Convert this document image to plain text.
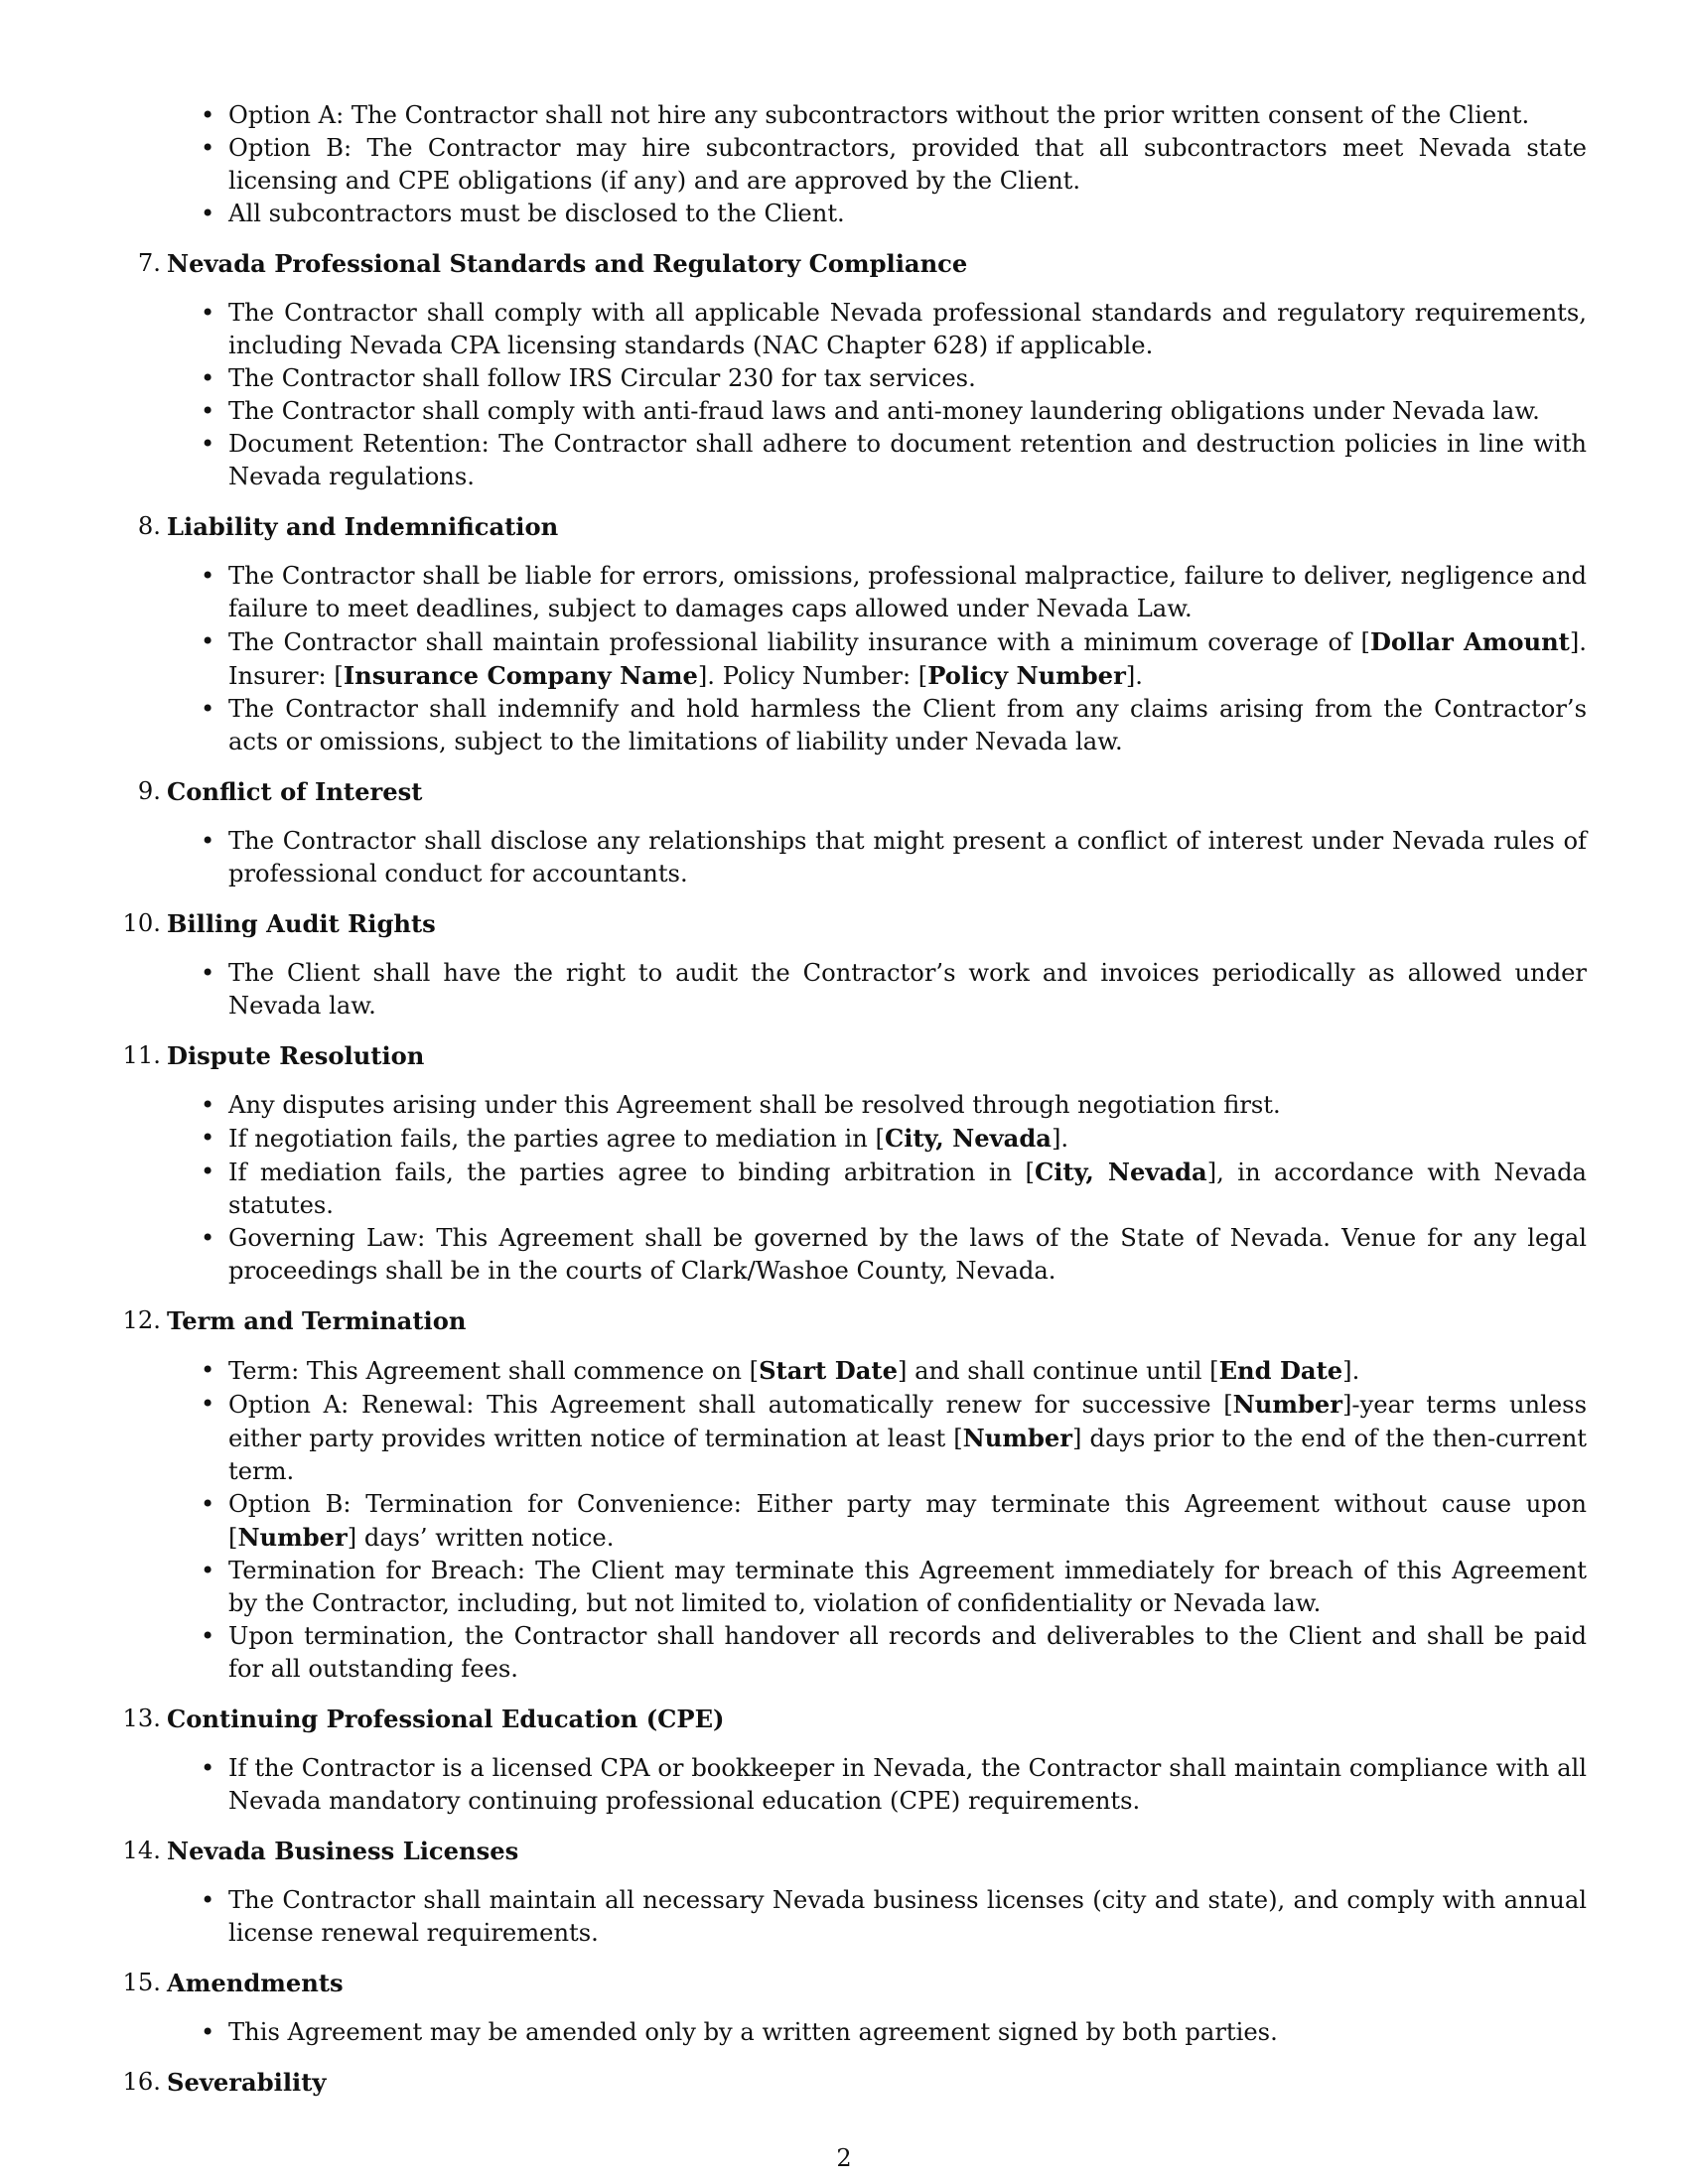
• Option A: The Contractor shall not hire any subcontractors without the prior written consent of the Client.
• Option B: The Contractor may hire subcontractors, provided that all subcontractors meet Nevada state licensing and CPE obligations (if any) and are approved by the Client.
• All subcontractors must be disclosed to the Client.
7. Nevada Professional Standards and Regulatory Compliance
• The Contractor shall comply with all applicable Nevada professional standards and regulatory requirements, including Nevada CPA licensing standards (NAC Chapter 628) if applicable.
• The Contractor shall follow IRS Circular 230 for tax services.
• The Contractor shall comply with anti-fraud laws and anti-money laundering obligations under Nevada law.
• Document Retention: The Contractor shall adhere to document retention and destruction policies in line with Nevada regulations.
8. Liability and Indemnification
• The Contractor shall be liable for errors, omissions, professional malpractice, failure to deliver, negligence and failure to meet deadlines, subject to damages caps allowed under Nevada Law.
• The Contractor shall maintain professional liability insurance with a minimum coverage of [Dollar Amount]. Insurer: [Insurance Company Name]. Policy Number: [Policy Number].
• The Contractor shall indemnify and hold harmless the Client from any claims arising from the Contractor’s acts or omissions, subject to the limitations of liability under Nevada law.
9. Conflict of Interest
• The Contractor shall disclose any relationships that might present a conflict of interest under Nevada rules of professional conduct for accountants.
10. Billing Audit Rights
• The Client shall have the right to audit the Contractor’s work and invoices periodically as allowed under Nevada law.
11. Dispute Resolution
• Any disputes arising under this Agreement shall be resolved through negotiation first.
• If negotiation fails, the parties agree to mediation in [City, Nevada].
• If mediation fails, the parties agree to binding arbitration in [City, Nevada], in accordance with Nevada statutes.
• Governing Law: This Agreement shall be governed by the laws of the State of Nevada. Venue for any legal proceedings shall be in the courts of Clark/Washoe County, Nevada.
12. Term and Termination
• Term: This Agreement shall commence on [Start Date] and shall continue until [End Date].
• Option A: Renewal: This Agreement shall automatically renew for successive [Number]-year terms unless either party provides written notice of termination at least [Number] days prior to the end of the then-current term.
• Option B: Termination for Convenience: Either party may terminate this Agreement without cause upon [Number] days’ written notice.
• Termination for Breach: The Client may terminate this Agreement immediately for breach of this Agreement by the Contractor, including, but not limited to, violation of confidentiality or Nevada law.
• Upon termination, the Contractor shall handover all records and deliverables to the Client and shall be paid for all outstanding fees.
13. Continuing Professional Education (CPE)
• If the Contractor is a licensed CPA or bookkeeper in Nevada, the Contractor shall maintain compliance with all Nevada mandatory continuing professional education (CPE) requirements.
14. Nevada Business Licenses
• The Contractor shall maintain all necessary Nevada business licenses (city and state), and comply with annual license renewal requirements.
15. Amendments
• This Agreement may be amended only by a written agreement signed by both parties.
16. Severability
2
